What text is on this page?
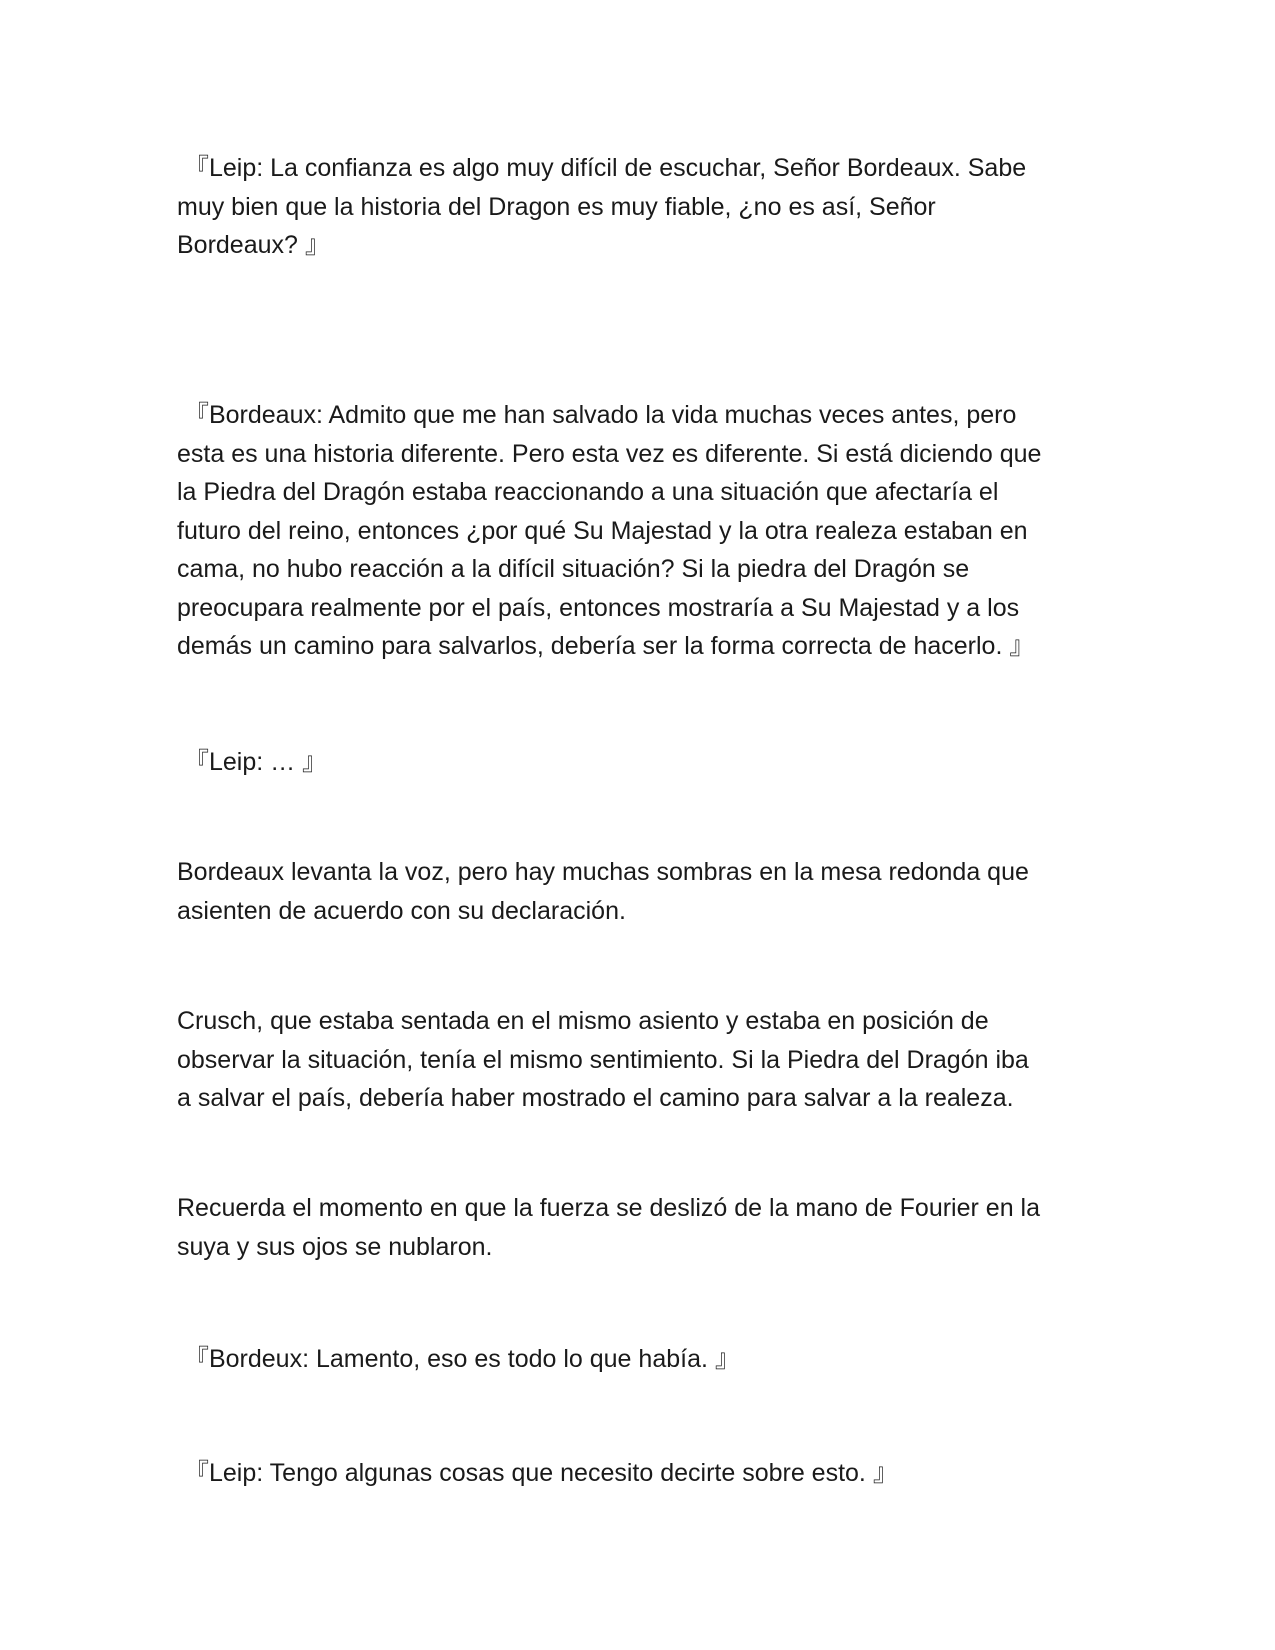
『Leip: La confianza es algo muy difícil de escuchar, Señor Bordeaux. Sabe
muy bien que la historia del Dragon es muy fiable, ¿no es así, Señor
Bordeaux? 』

『Bordeaux: Admito que me han salvado la vida muchas veces antes, pero
esta es una historia diferente. Pero esta vez es diferente. Si está diciendo que
la Piedra del Dragón estaba reaccionando a una situación que afectaría el
futuro del reino, entonces ¿por qué Su Majestad y la otra realeza estaban en
cama, no hubo reacción a la difícil situación? Si la piedra del Dragón se
preocupara realmente por el país, entonces mostraría a Su Majestad y a los
demás un camino para salvarlos, debería ser la forma correcta de hacerlo. 』

『Leip: … 』

Bordeaux levanta la voz, pero hay muchas sombras en la mesa redonda que
asienten de acuerdo con su declaración.

Crusch, que estaba sentada en el mismo asiento y estaba en posición de
observar la situación, tenía el mismo sentimiento. Si la Piedra del Dragón iba
a salvar el país, debería haber mostrado el camino para salvar a la realeza.

Recuerda el momento en que la fuerza se deslizó de la mano de Fourier en la
suya y sus ojos se nublaron.

『Bordeux: Lamento, eso es todo lo que había. 』

『Leip: Tengo algunas cosas que necesito decirte sobre esto. 』
